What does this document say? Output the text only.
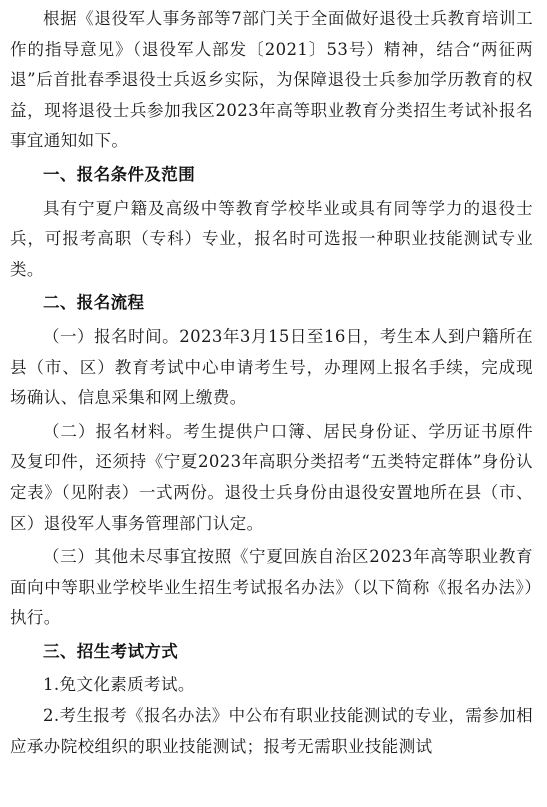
根据《退役军人事务部等7部门关于全面做好退役士兵教育培训工作的指导意见》（退役军人部发〔2021〕53号）精神，结合“两征两退”后首批春季退役士兵返乡实际，为保障退役士兵参加学历教育的权益，现将退役士兵参加我区2023年高等职业教育分类招生考试补报名事宜通知如下。

一、报名条件及范围

具有宁夏户籍及高级中等教育学校毕业或具有同等学力的退役士兵，可报考高职（专科）专业，报名时可选报一种职业技能测试专业类。

二、报名流程

（一）报名时间。2023年3月15日至16日，考生本人到户籍所在县（市、区）教育考试中心申请考生号，办理网上报名手续，完成现场确认、信息采集和网上缴费。

（二）报名材料。考生提供户口簿、居民身份证、学历证书原件及复印件，还须持《宁夏2023年高职分类招考“五类特定群体”身份认定表》（见附表）一式两份。退役士兵身份由退役安置地所在县（市、区）退役军人事务管理部门认定。

（三）其他未尽事宜按照《宁夏回族自治区2023年高等职业教育面向中等职业学校毕业生招生考试报名办法》（以下简称《报名办法》）执行。

三、招生考试方式

1.免文化素质考试。

2.考生报考《报名办法》中公布有职业技能测试的专业，需参加相应承办院校组织的职业技能测试；报考无需职业技能测试
